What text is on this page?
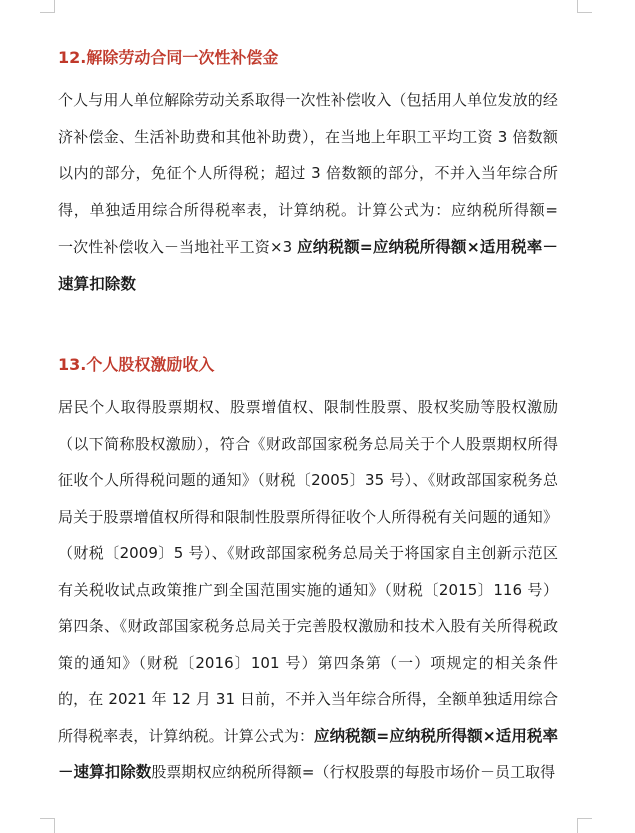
12.解除劳动合同一次性补偿金

个人与用人单位解除劳动关系取得一次性补偿收入（包括用人单位发放的经济补偿金、生活补助费和其他补助费），在当地上年职工平均工资 3 倍数额以内的部分，免征个人所得税；超过 3 倍数额的部分，不并入当年综合所得，单独适用综合所得税率表，计算纳税。计算公式为：应纳税所得额= 一次性补偿收入－当地社平工资×3 应纳税额=应纳税所得额×适用税率－速算扣除数

13.个人股权激励收入

居民个人取得股票期权、股票增值权、限制性股票、股权奖励等股权激励（以下简称股权激励），符合《财政部国家税务总局关于个人股票期权所得征收个人所得税问题的通知》（财税〔2005〕35 号）、《财政部国家税务总局关于股票增值权所得和限制性股票所得征收个人所得税有关问题的通知》（财税〔2009〕5 号）、《财政部国家税务总局关于将国家自主创新示范区有关税收试点政策推广到全国范围实施的通知》（财税〔2015〕116 号）第四条、《财政部国家税务总局关于完善股权激励和技术入股有关所得税政策的通知》（财税〔2016〕101 号）第四条第（一）项规定的相关条件的，在 2021 年 12 月 31 日前，不并入当年综合所得，全额单独适用综合所得税率表，计算纳税。计算公式为：应纳税额=应纳税所得额×适用税率－速算扣除数股票期权应纳税所得额=（行权股票的每股市场价－员工取得
